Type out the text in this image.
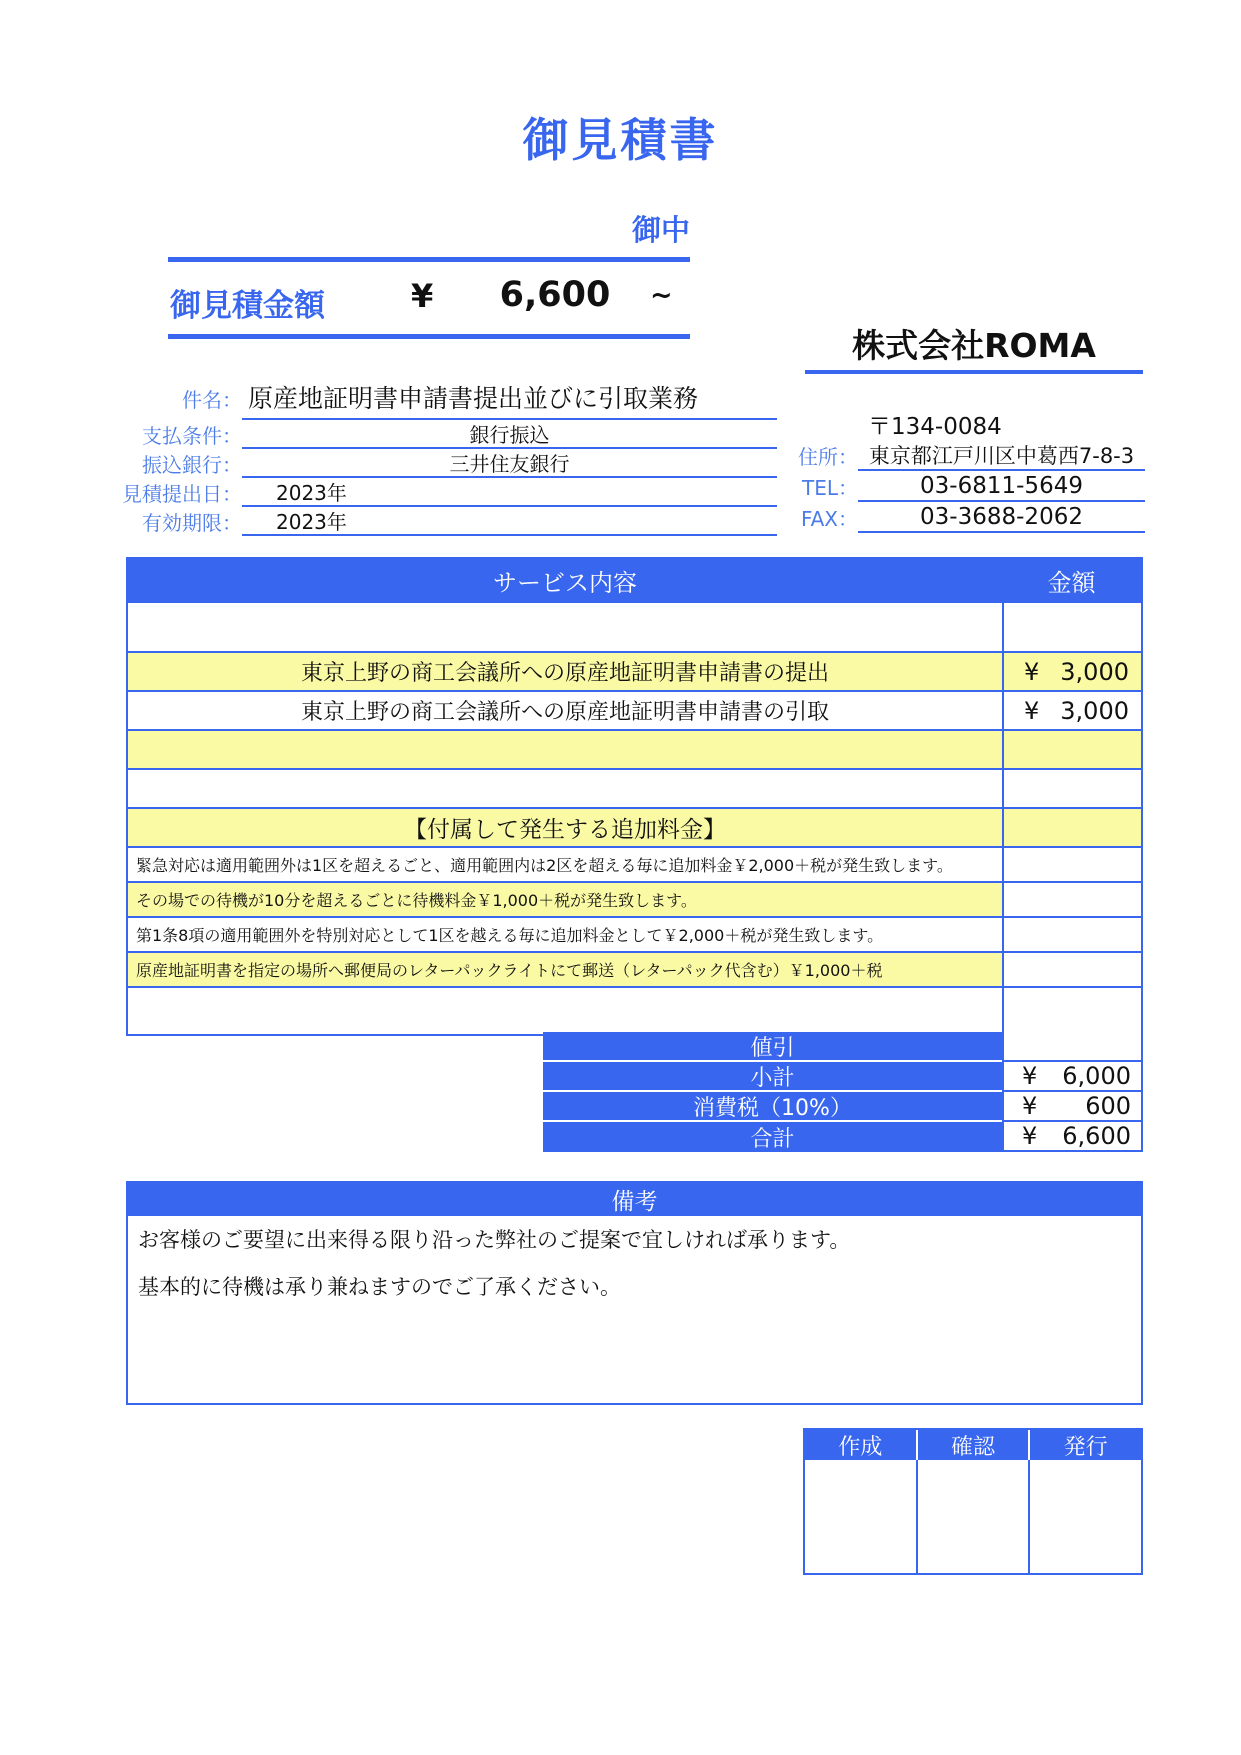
御見積書
御中
御見積金額	¥	6,600	~
件名： 原産地証明書申請書提出並びに引取業務
支払条件：	銀行振込
振込銀行：	三井住友銀行
見積提出日：	2023年
有効期限：	2023年
株式会社ROMA
〒134-0084
住所： 東京都江戸川区中葛西7-8-3
TEL：	03-6811-5649
FAX：	03-3688-2062
サービス内容	金額
東京上野の商工会議所への原産地証明書申請書の提出	¥ 3,000
東京上野の商工会議所への原産地証明書申請書の引取	¥ 3,000
【付属して発生する追加料金】
緊急対応は適用範囲外は1区を超えるごと、適用範囲内は2区を超える毎に追加料金￥2,000＋税が発生致します。
その場での待機が10分を超えるごとに待機料金￥1,000＋税が発生致します。
第1条8項の適用範囲外を特別対応として1区を越える毎に追加料金として￥2,000＋税が発生致します。
原産地証明書を指定の場所へ郵便局のレターパックライトにて郵送（レターパック代含む）￥1,000＋税
値引
小計	¥ 6,000
消費税（10%）	¥ 600
合計	¥ 6,600
備考
お客様のご要望に出来得る限り沿った弊社のご提案で宜しければ承ります。
基本的に待機は承り兼ねますのでご了承ください。
作成	確認	発行
